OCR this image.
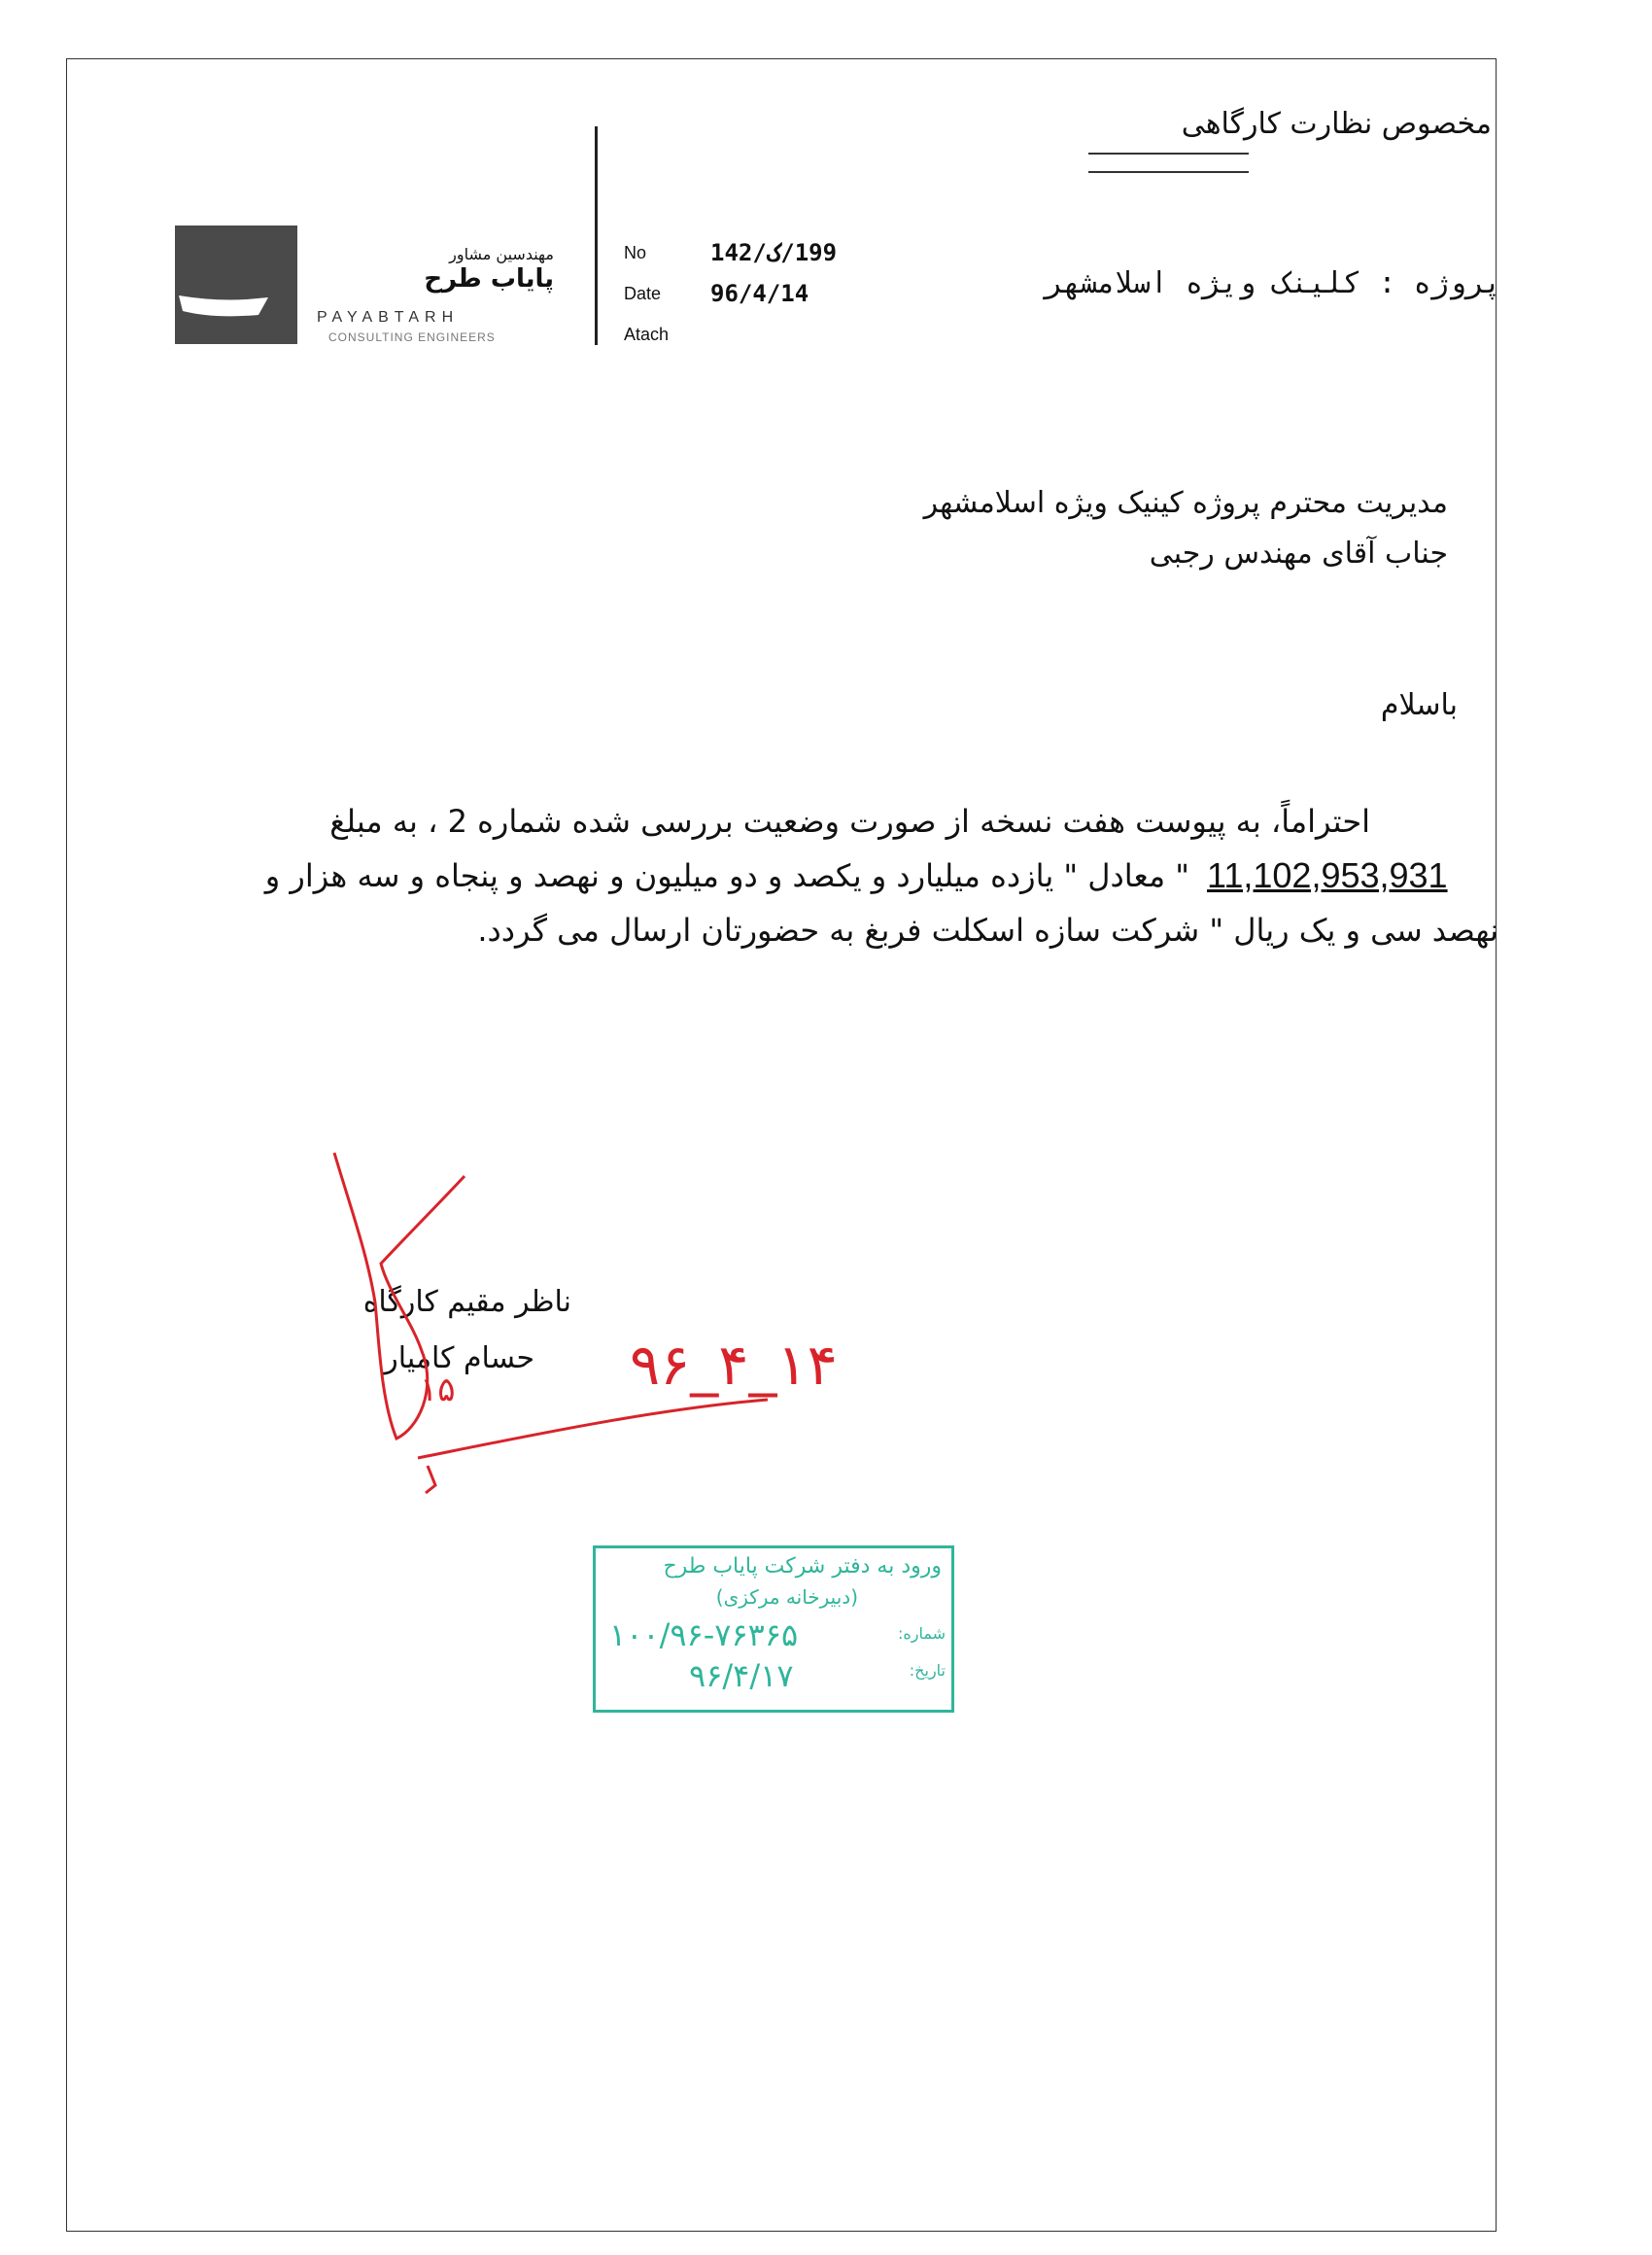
مخصوص نظارت کارگاهی
مهندسین مشاور
پایاب طرح
PAYABTARH
CONSULTING ENGINEERS
No	199/ک/142
Date 96/4/14
Atach
پروژه : کلینک ویژه اسلامشهر
مدیریت محترم پروژه کینیک ویژه اسلامشهر
جناب آقای مهندس رجبی
باسلام
احتراماً، به پیوست هفت نسخه از صورت وضعیت بررسی شده شماره 2 ، به مبلغ
11,102,953,931
" معادل " یازده میلیارد و یکصد و دو میلیون و نهصد و پنجاه و سه هزار و
نهصد سی و یک ریال " شرکت سازه اسکلت فربغ به حضورتان ارسال می گردد.
ناظر مقیم کارگاه
حسام کامیار ۹۶_۴_۱۴
۱۵
ورود به دفتر شرکت پایاب طرح
(دبیرخانه مرکزی)
شماره:
۱۰۰/۹۶-۷۶۳۶۵
تاریخ:
۹۶/۴/۱۷
